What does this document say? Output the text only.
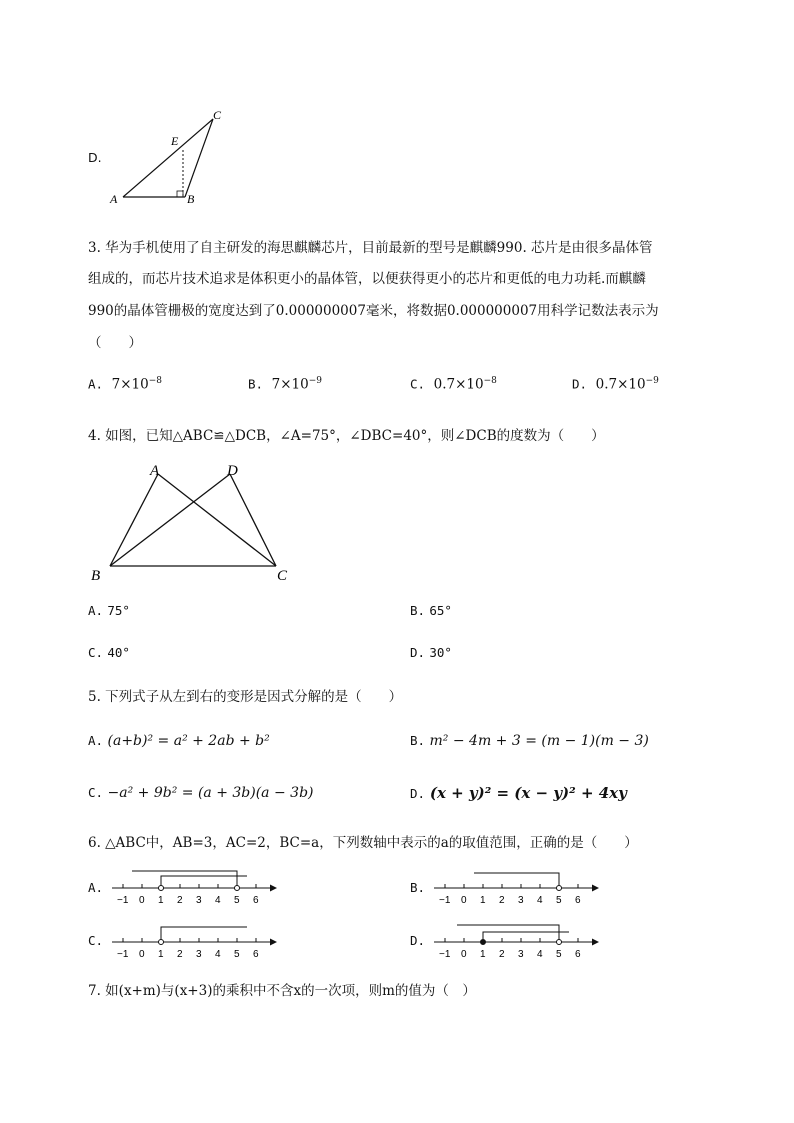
D.
A	B
C
E
3. 华为手机使用了自主研发的海思麒麟芯片，目前最新的型号是麒麟990. 芯片是由很多晶体管
组成的，而芯片技术追求是体积更小的晶体管，以便获得更小的芯片和更低的电力功耗.而麒麟
990的晶体管栅极的宽度达到了0.000000007毫米，将数据0.000000007用科学记数法表示为
（　　）
A. $7\times 10^{-8}$	B. $7\times 10^{-9}$	C. $0.7\times 10^{-8}$	D. $0.7\times 10^{-9}$
4. 如图，已知△ABC≌△DCB，∠A=75°，∠DBC=40°，则∠DCB的度数为（　　）
A	D
B	C
A. 75°	B. 65°
C. 40°	D. 30°
5. 下列式子从左到右的变形是因式分解的是（　　）
A. (a+b)² = a² + 2ab + b²	B. m² − 4m + 3 = (m − 1)(m − 3)
C. −a² + 9b² = (a + 3b)(a − 3b)	D. (x + y)² = (x − y)² + 4xy
6. △ABC中，AB=3，AC=2，BC=a，下列数轴中表示的a的取值范围，正确的是（　　）
A.
−1 0 1 2 3 4 5 6
B.
−1 0 1 2 3 4 5 6
C.
−1 0 1 2 3 4 5 6
D.
−1 0 1 2 3 4 5 6
7. 如(x+m)与(x+3)的乘积中不含x的一次项，则m的值为（　）
